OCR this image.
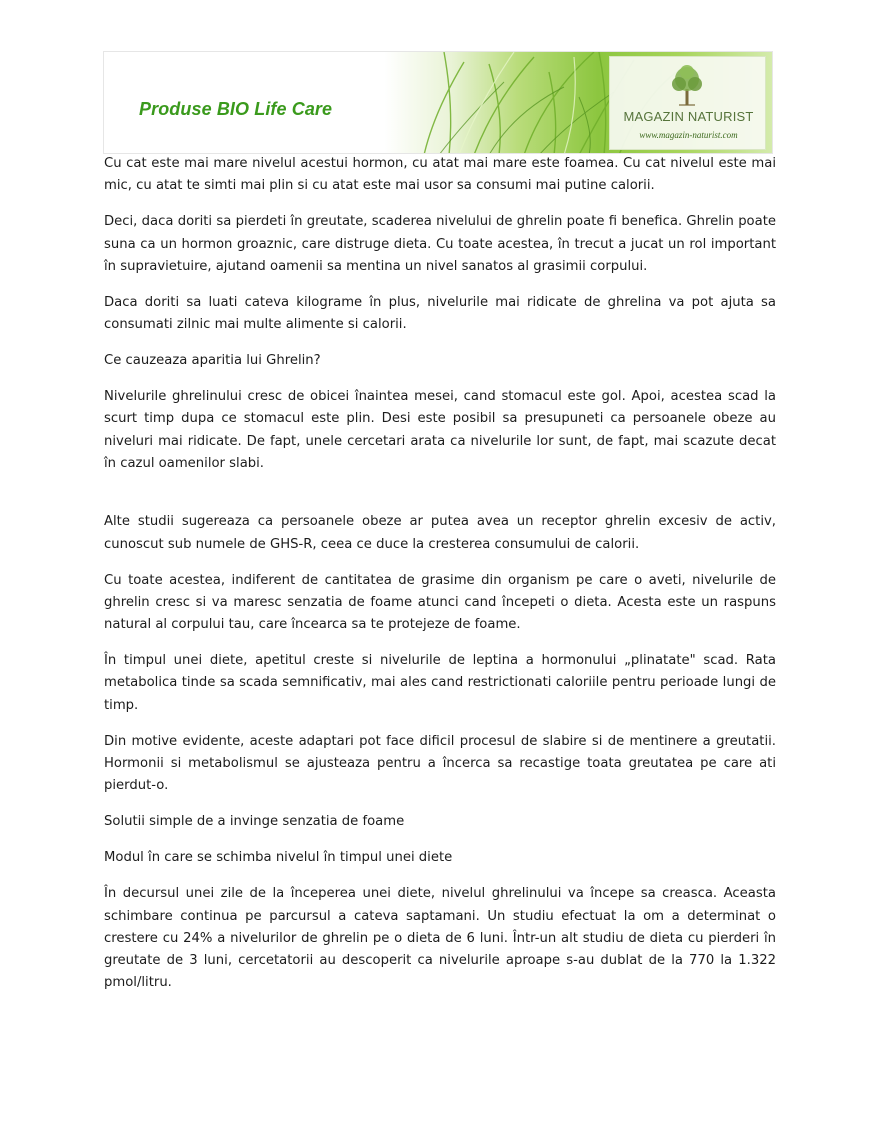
Produse BIO Life Care	MAGAZIN NATURIST
www.magazin-naturist.com

Cu cat este mai mare nivelul acestui hormon, cu atat mai mare este foamea. Cu cat nivelul este mai mic, cu atat te simti mai plin si cu atat este mai usor sa consumi mai putine calorii.

Deci, daca doriti sa pierdeti în greutate, scaderea nivelului de ghrelin poate fi benefica. Ghrelin poate suna ca un hormon groaznic, care distruge dieta. Cu toate acestea, în trecut a jucat un rol important în supravietuire, ajutand oamenii sa mentina un nivel sanatos al grasimii corpului.

Daca doriti sa luati cateva kilograme în plus, nivelurile mai ridicate de ghrelina va pot ajuta sa consumati zilnic mai multe alimente si calorii.

Ce cauzeaza aparitia lui Ghrelin?

Nivelurile ghrelinului cresc de obicei înaintea mesei, cand stomacul este gol. Apoi, acestea scad la scurt timp dupa ce stomacul este plin. Desi este posibil sa presupuneti ca persoanele obeze au niveluri mai ridicate. De fapt, unele cercetari arata ca nivelurile lor sunt, de fapt, mai scazute decat în cazul oamenilor slabi.

Alte studii sugereaza ca persoanele obeze ar putea avea un receptor ghrelin excesiv de activ, cunoscut sub numele de GHS-R, ceea ce duce la cresterea consumului de calorii.

Cu toate acestea, indiferent de cantitatea de grasime din organism pe care o aveti, nivelurile de ghrelin cresc si va maresc senzatia de foame atunci cand începeti o dieta. Acesta este un raspuns natural al corpului tau, care încearca sa te protejeze de foame.

În timpul unei diete, apetitul creste si nivelurile de leptina a hormonului „plinatate" scad. Rata metabolica tinde sa scada semnificativ, mai ales cand restrictionati caloriile pentru perioade lungi de timp.

Din motive evidente, aceste adaptari pot face dificil procesul de slabire si de mentinere a greutatii. Hormonii si metabolismul se ajusteaza pentru a încerca sa recastige toata greutatea pe care ati pierdut-o.

Solutii simple de a invinge senzatia de foame

Modul în care se schimba nivelul în timpul unei diete

În decursul unei zile de la începerea unei diete, nivelul ghrelinului va începe sa creasca. Aceasta schimbare continua pe parcursul a cateva saptamani. Un studiu efectuat la om a determinat o crestere cu 24% a nivelurilor de ghrelin pe o dieta de 6 luni. Într-un alt studiu de dieta cu pierderi în greutate de 3 luni, cercetatorii au descoperit ca nivelurile aproape s-au dublat de la 770 la 1.322 pmol/litru.
